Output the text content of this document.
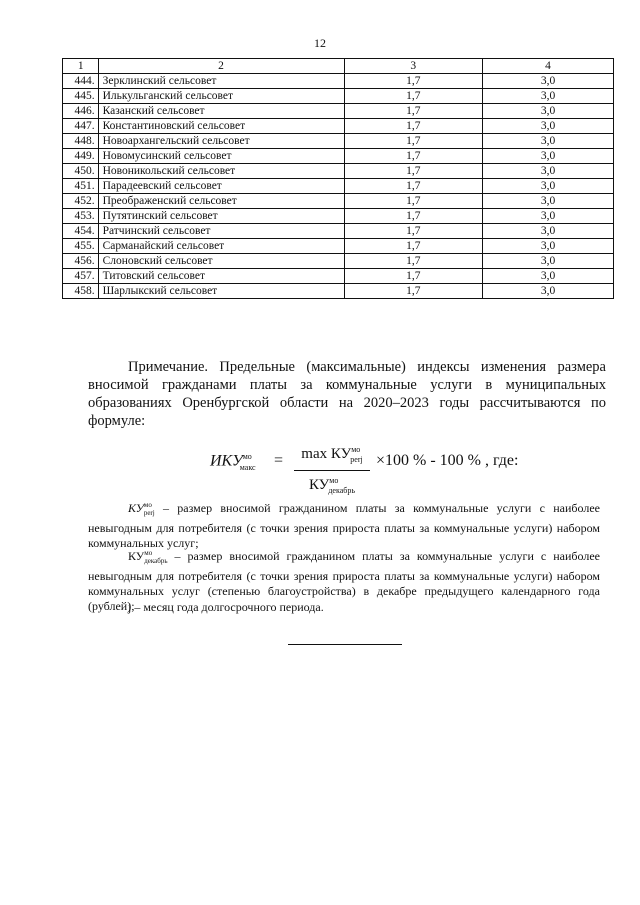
12
1	2	3	4
444.	Зерклинский сельсовет	1,7	3,0
445.	Илькульганский сельсовет	1,7	3,0
446.	Казанский сельсовет	1,7	3,0
447.	Константиновский сельсовет	1,7	3,0
448.	Новоархангельский сельсовет	1,7	3,0
449.	Новомусинский сельсовет	1,7	3,0
450.	Новоникольский сельсовет	1,7	3,0
451.	Парадеевский сельсовет	1,7	3,0
452.	Преображенский сельсовет	1,7	3,0
453.	Путятинский сельсовет	1,7	3,0
454.	Ратчинский сельсовет	1,7	3,0
455.	Сарманайский сельсовет	1,7	3,0
456.	Слоновский сельсовет	1,7	3,0
457.	Титовский сельсовет	1,7	3,0
458.	Шарлыкский сельсовет	1,7	3,0
Примечание. Предельные (максимальные) индексы изменения размера вносимой гражданами платы за коммунальные услуги в муниципальных образованиях Оренбургской области на 2020–2023 годы рассчитываются по формуле:
$ИКУ^{мо}_{макс}$ =	$\max КУ^{мо}_{perj}$
$КУ^{мо}_{декабрь}$
×100 % - 100 % , где:
$КУ^{мо}_{perj}$ – размер вносимой гражданином платы за коммунальные услуги с наиболее невыгодным для потребителя (с точки зрения прироста платы за коммунальные услуги) набором коммунальных услуг;
$КУ^{мо}_{декабрь}$ – размер вносимой гражданином платы за коммунальные услуги с наиболее невыгодным для потребителя (с точки зрения прироста платы за коммунальные услуги) набором коммунальных услуг (степенью благоустройства) в декабре предыдущего календарного года (рублей);
j – месяц года долгосрочного периода.
